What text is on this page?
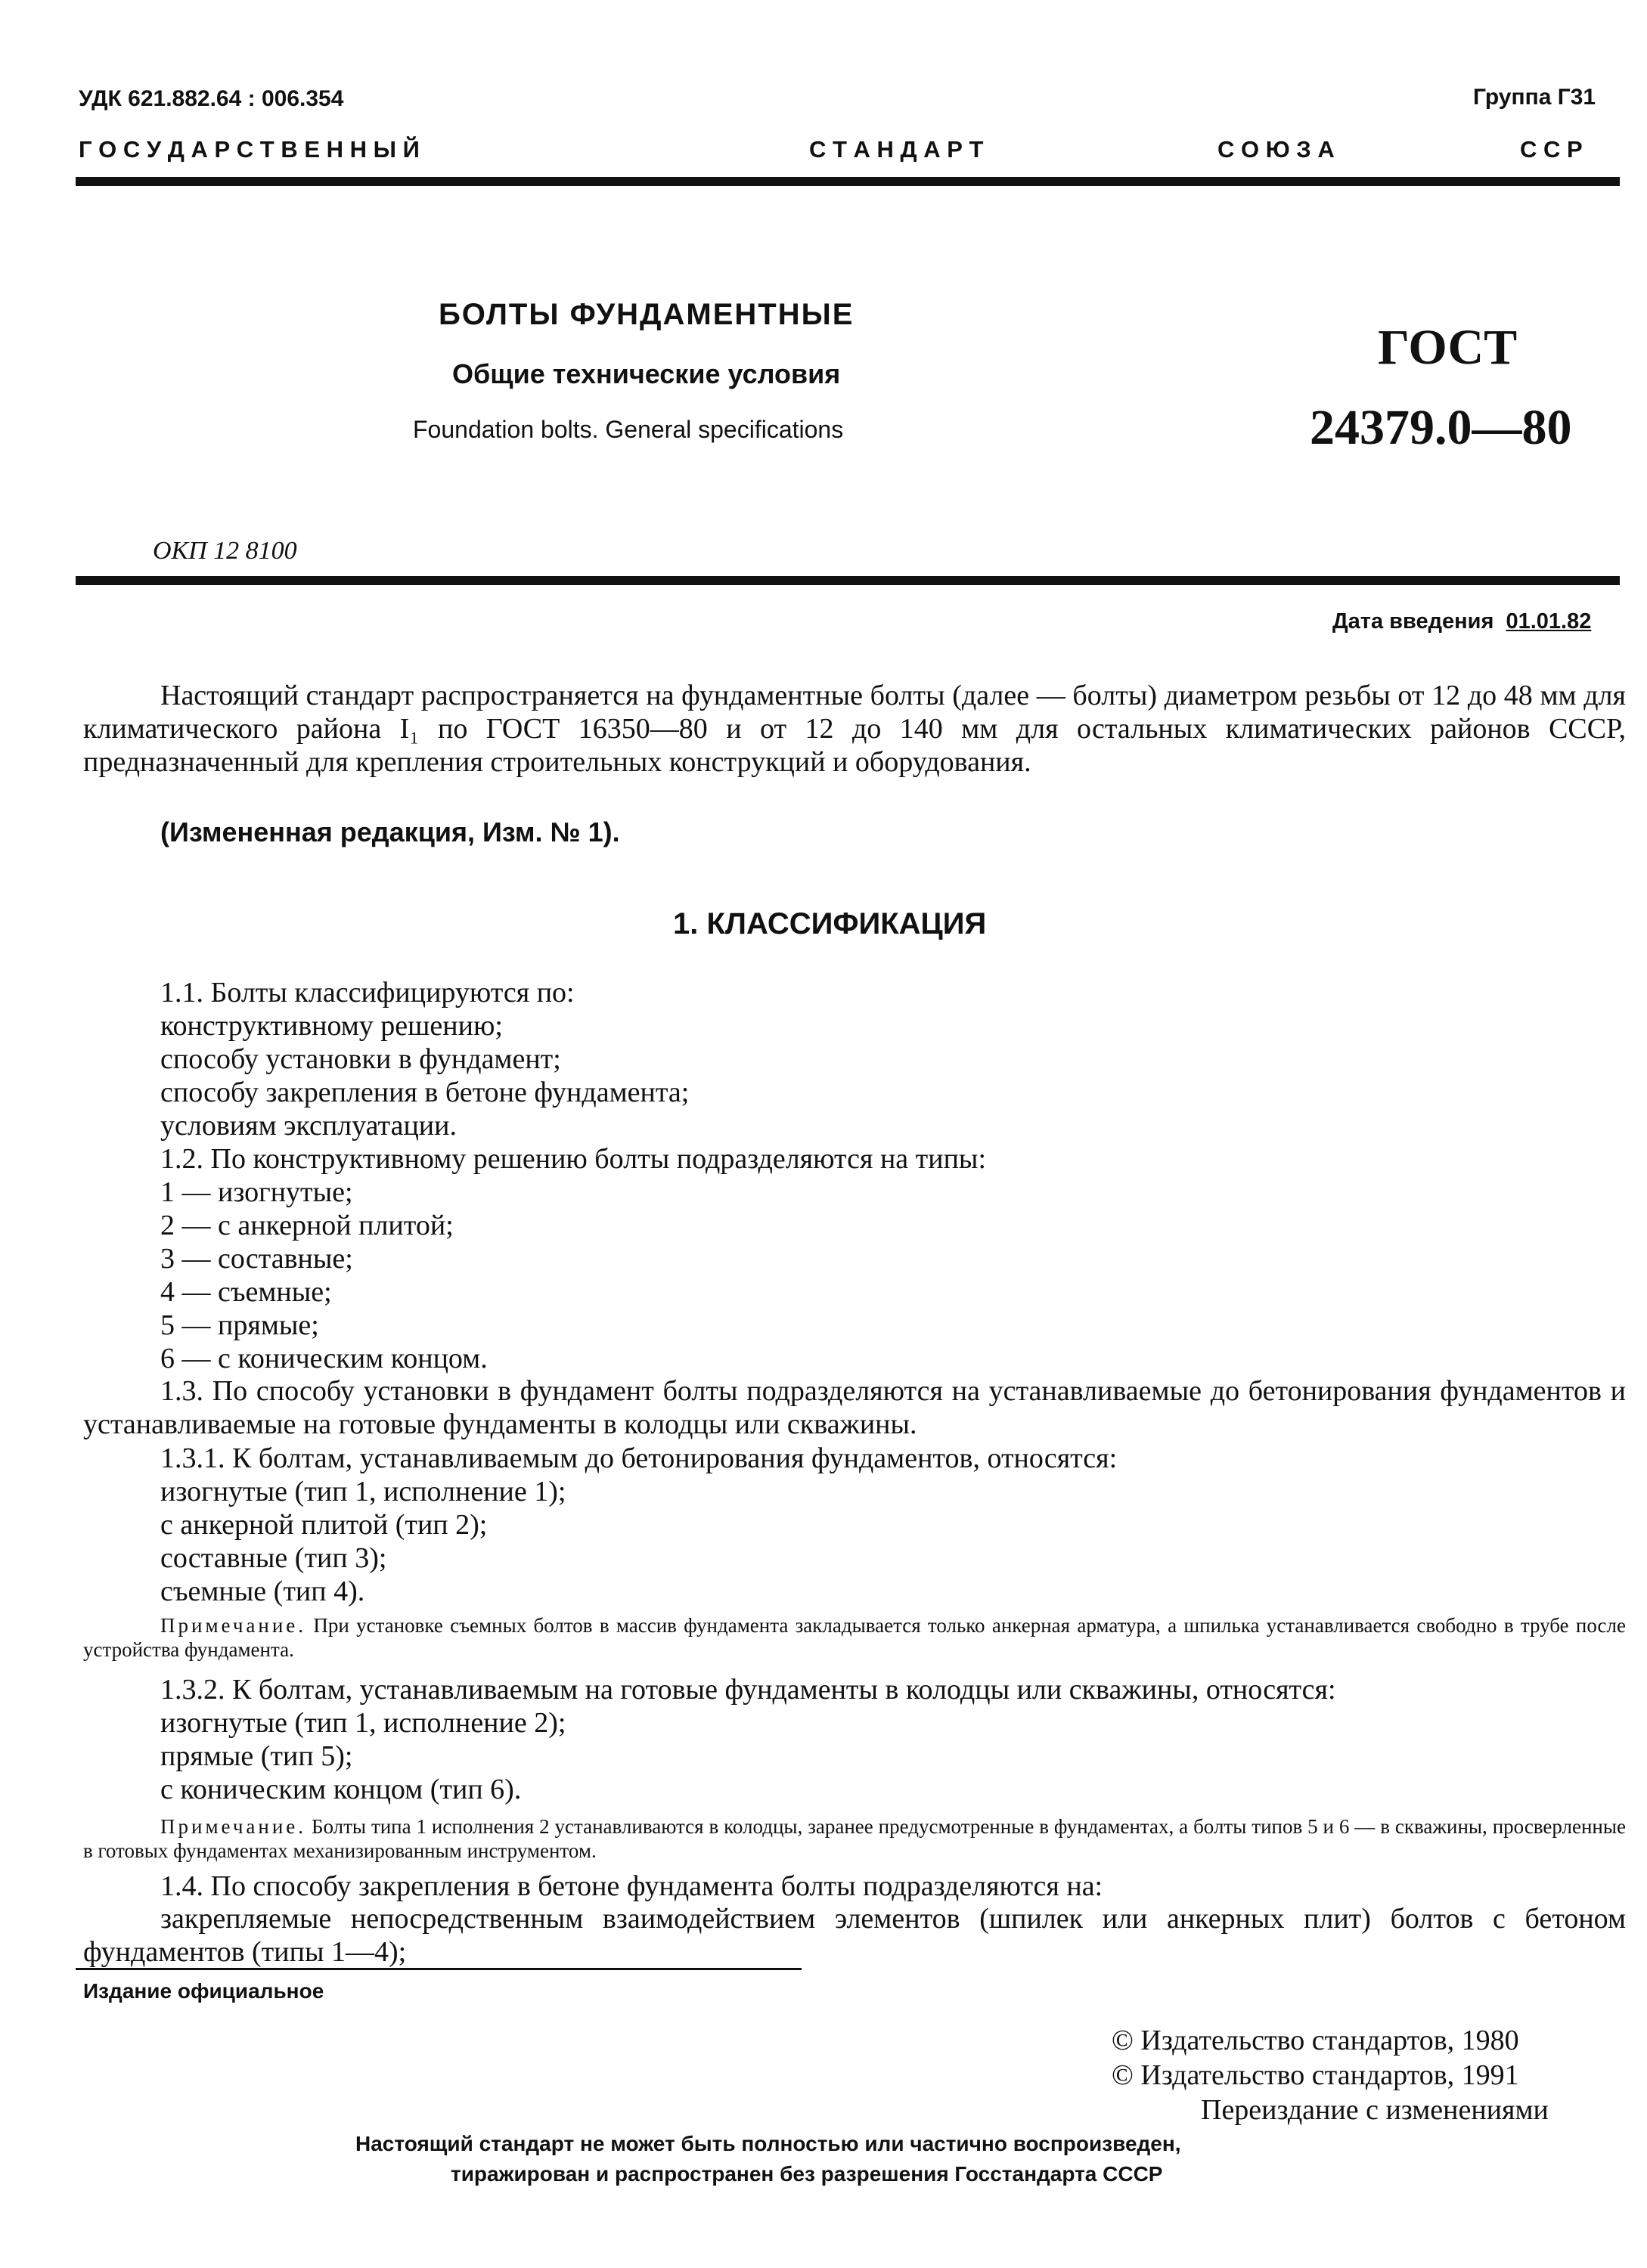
УДК 621.882.64 : 006.354	Группа Г31
Г О С У Д А Р С Т В Е Н Н Ы Й	С Т А Н Д А Р Т	С О Ю З А	С С Р
БОЛТЫ ФУНДАМЕНТНЫЕ
Общие технические условия
Foundation bolts. General specifications
ГОСТ
24379.0—80
ОКП 12 8100
Дата введения 01.01.82
Настоящий стандарт распространяется на фундаментные болты (далее — болты) диаметром резьбы от 12 до 48 мм для климатического района I₁ по ГОСТ 16350—80 и от 12 до 140 мм для остальных климатических районов СССР, предназначенный для крепления строительных конструкций и оборудования.
(Измененная редакция, Изм. № 1).
1. КЛАССИФИКАЦИЯ
1.1. Болты классифицируются по:
конструктивному решению;
способу установки в фундамент;
способу закрепления в бетоне фундамента;
условиям эксплуатации.
1.2. По конструктивному решению болты подразделяются на типы:
1 — изогнутые;
2 — с анкерной плитой;
3 — составные;
4 — съемные;
5 — прямые;
6 — с коническим концом.
1.3. По способу установки в фундамент болты подразделяются на устанавливаемые до бетонирования фундаментов и устанавливаемые на готовые фундаменты в колодцы или скважины.
1.3.1. К болтам, устанавливаемым до бетонирования фундаментов, относятся:
изогнутые (тип 1, исполнение 1);
с анкерной плитой (тип 2);
составные (тип 3);
съемные (тип 4).
Примечание. При установке съемных болтов в массив фундамента закладывается только анкерная арматура, а шпилька устанавливается свободно в трубе после устройства фундамента.
1.3.2. К болтам, устанавливаемым на готовые фундаменты в колодцы или скважины, относятся:
изогнутые (тип 1, исполнение 2);
прямые (тип 5);
с коническим концом (тип 6).
Примечание. Болты типа 1 исполнения 2 устанавливаются в колодцы, заранее предусмотренные в фундаментах, а болты типов 5 и 6 — в скважины, просверленные в готовых фундаментах механизированным инструментом.
1.4. По способу закрепления в бетоне фундамента болты подразделяются на:
закрепляемые непосредственным взаимодействием элементов (шпилек или анкерных плит) болтов с бетоном фундаментов (типы 1—4);
Издание официальное
© Издательство стандартов, 1980
© Издательство стандартов, 1991
Переиздание с изменениями
Настоящий стандарт не может быть полностью или частично воспроизведен,
тиражирован и распространен без разрешения Госстандарта СССР
